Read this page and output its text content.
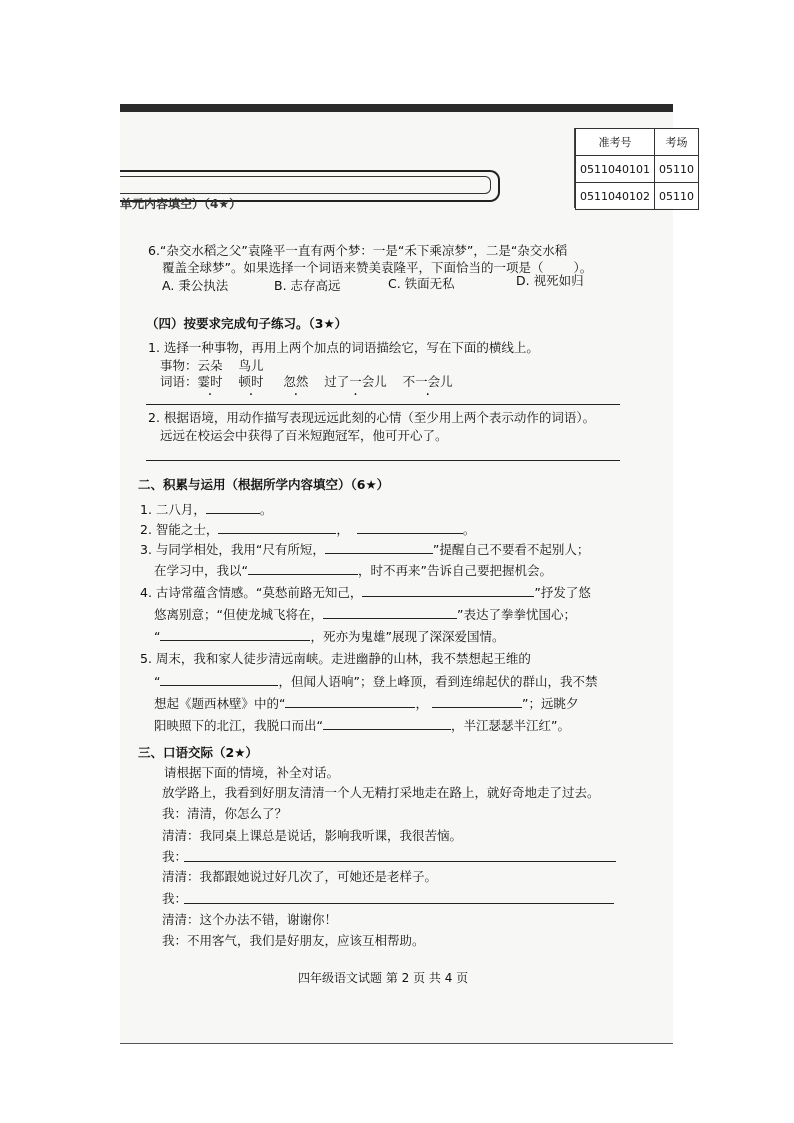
单元内容填空）（4★）
准考号	考场
0511040101	05110
0511040102	05110
6.“杂交水稻之父”袁隆平一直有两个梦：一是“禾下乘凉梦”，二是“杂交水稻
覆盖全球梦”。如果选择一个词语来赞美袁隆平，下面恰当的一项是（ ）。
A. 秉公执法	B. 志存高远	C. 铁面无私	D. 视死如归
（四）按要求完成句子练习。（3★）
1. 选择一种事物，再用上两个加点的词语描绘它，写在下面的横线上。
事物：云朵 鸟儿
词语：霎时 顿时 忽然 过了一会儿 · 不一会儿
2. 根据语境，用动作描写表现远远此刻的心情（至少用上两个表示动作的词语）。
远远在校运会中获得了百米短跑冠军，他可开心了。
二、积累与运用（根据所学内容填空）（6★）
1. 二八月，	。
2. 智能之士，	，	。
3. 与同学相处，我用“尺有所短，	”提醒自己不要看不起别人；
在学习中，我以“	，时不再来”告诉自己要把握机会。
4. 古诗常蕴含情感。“莫愁前路无知己，	”抒发了悠
悠离别意；“但使龙城飞将在，	”表达了拳拳忧国心；
“	，死亦为鬼雄”展现了深深爱国情。
5. 周末，我和家人徒步清远南峡。走进幽静的山林，我不禁想起王维的
“	，但闻人语响”；登上峰顶，看到连绵起伏的群山，我不禁
想起《题西林壁》中的“	，	”；远眺夕
阳映照下的北江，我脱口而出“	，半江瑟瑟半江红”。
三、口语交际（2★）
请根据下面的情境，补全对话。
放学路上，我看到好朋友清清一个人无精打采地走在路上，就好奇地走了过去。
我：清清，你怎么了？
清清：我同桌上课总是说话，影响我听课，我很苦恼。
我：
清清：我都跟她说过好几次了，可她还是老样子。
我：
清清：这个办法不错，谢谢你！
我：不用客气，我们是好朋友，应该互相帮助。
四年级语文试题 第 2 页 共 4 页
